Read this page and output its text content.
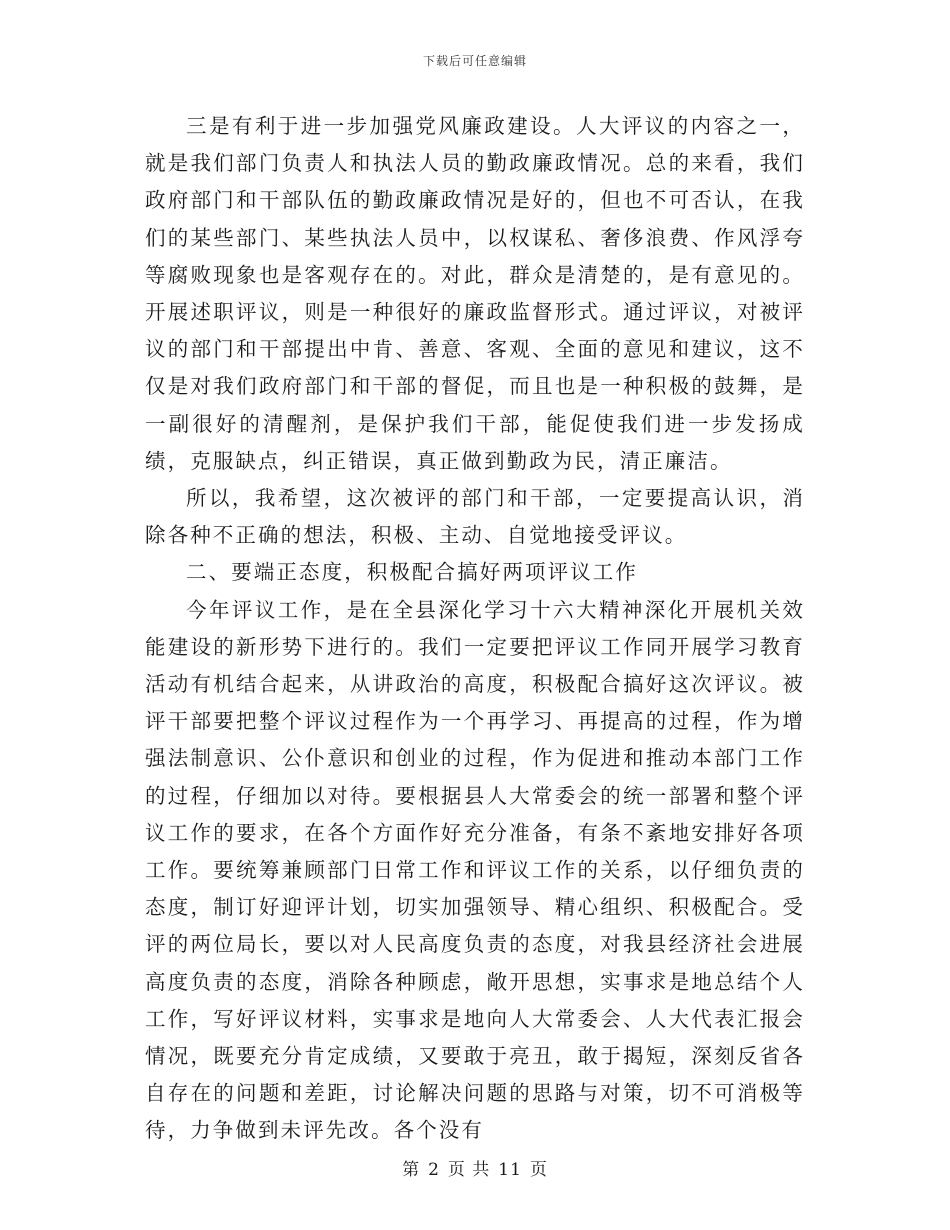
下载后可任意编辑

三是有利于进一步加强党风廉政建设。人大评议的内容之一，就是我们部门负责人和执法人员的勤政廉政情况。总的来看，我们政府部门和干部队伍的勤政廉政情况是好的，但也不可否认，在我们的某些部门、某些执法人员中，以权谋私、奢侈浪费、作风浮夸等腐败现象也是客观存在的。对此，群众是清楚的，是有意见的。开展述职评议，则是一种很好的廉政监督形式。通过评议，对被评议的部门和干部提出中肯、善意、客观、全面的意见和建议，这不仅是对我们政府部门和干部的督促，而且也是一种积极的鼓舞，是一副很好的清醒剂，是保护我们干部，能促使我们进一步发扬成绩，克服缺点，纠正错误，真正做到勤政为民，清正廉洁。

所以，我希望，这次被评的部门和干部，一定要提高认识，消除各种不正确的想法，积极、主动、自觉地接受评议。

二、要端正态度，积极配合搞好两项评议工作

今年评议工作，是在全县深化学习十六大精神深化开展机关效能建设的新形势下进行的。我们一定要把评议工作同开展学习教育活动有机结合起来，从讲政治的高度，积极配合搞好这次评议。被评干部要把整个评议过程作为一个再学习、再提高的过程，作为增强法制意识、公仆意识和创业的过程，作为促进和推动本部门工作的过程，仔细加以对待。要根据县人大常委会的统一部署和整个评议工作的要求，在各个方面作好充分准备，有条不紊地安排好各项工作。要统筹兼顾部门日常工作和评议工作的关系，以仔细负责的态度，制订好迎评计划，切实加强领导、精心组织、积极配合。受评的两位局长，要以对人民高度负责的态度，对我县经济社会进展高度负责的态度，消除各种顾虑，敞开思想，实事求是地总结个人工作，写好评议材料，实事求是地向人大常委会、人大代表汇报会情况，既要充分肯定成绩，又要敢于亮丑，敢于揭短，深刻反省各自存在的问题和差距，讨论解决问题的思路与对策，切不可消极等待，力争做到未评先改。各个没有

第 2 页 共 11 页
